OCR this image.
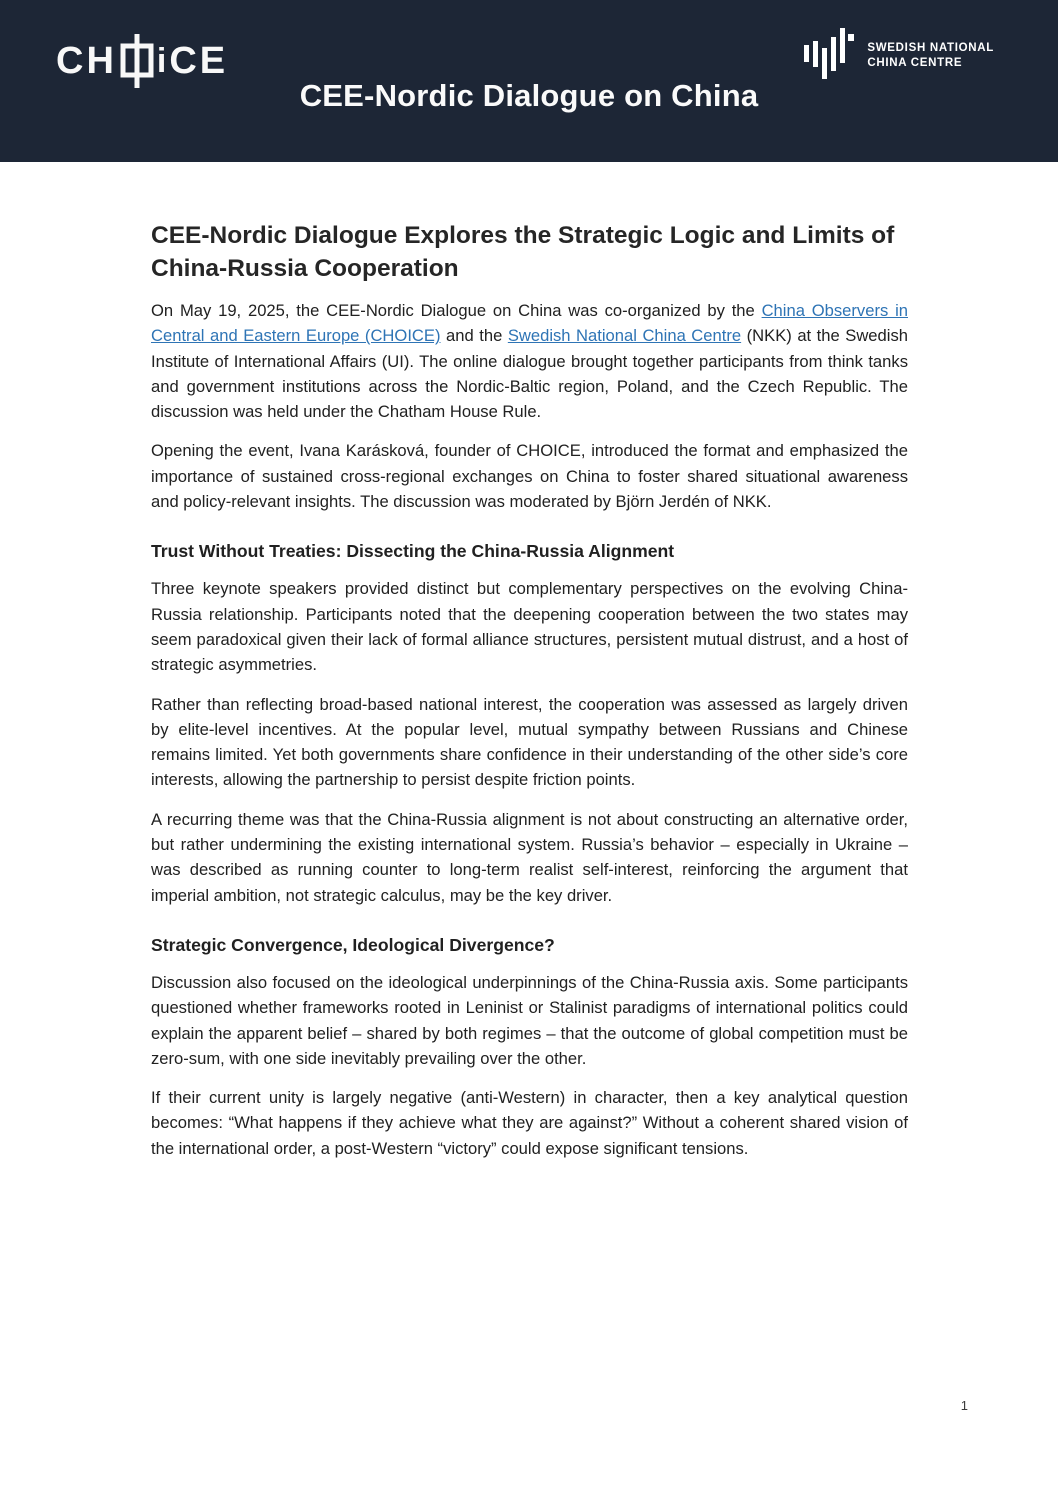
CH i CE
CEE-Nordic Dialogue on China
SWEDISH NATIONAL
CHINA CENTRE
CEE-Nordic Dialogue Explores the Strategic Logic and Limits of China-Russia Cooperation

On May 19, 2025, the CEE-Nordic Dialogue on China was co-organized by the China Observers in Central and Eastern Europe (CHOICE) and the Swedish National China Centre (NKK) at the Swedish Institute of International Affairs (UI). The online dialogue brought together participants from think tanks and government institutions across the Nordic-Baltic region, Poland, and the Czech Republic. The discussion was held under the Chatham House Rule.

Opening the event, Ivana Karásková, founder of CHOICE, introduced the format and emphasized the importance of sustained cross-regional exchanges on China to foster shared situational awareness and policy-relevant insights. The discussion was moderated by Björn Jerdén of NKK.

Trust Without Treaties: Dissecting the China-Russia Alignment

Three keynote speakers provided distinct but complementary perspectives on the evolving China-Russia relationship. Participants noted that the deepening cooperation between the two states may seem paradoxical given their lack of formal alliance structures, persistent mutual distrust, and a host of strategic asymmetries.

Rather than reflecting broad-based national interest, the cooperation was assessed as largely driven by elite-level incentives. At the popular level, mutual sympathy between Russians and Chinese remains limited. Yet both governments share confidence in their understanding of the other side’s core interests, allowing the partnership to persist despite friction points.

A recurring theme was that the China-Russia alignment is not about constructing an alternative order, but rather undermining the existing international system. Russia’s behavior – especially in Ukraine – was described as running counter to long-term realist self-interest, reinforcing the argument that imperial ambition, not strategic calculus, may be the key driver.

Strategic Convergence, Ideological Divergence?

Discussion also focused on the ideological underpinnings of the China-Russia axis. Some participants questioned whether frameworks rooted in Leninist or Stalinist paradigms of international politics could explain the apparent belief – shared by both regimes – that the outcome of global competition must be zero-sum, with one side inevitably prevailing over the other.

If their current unity is largely negative (anti-Western) in character, then a key analytical question becomes: “What happens if they achieve what they are against?” Without a coherent shared vision of the international order, a post-Western “victory” could expose significant tensions.

1
